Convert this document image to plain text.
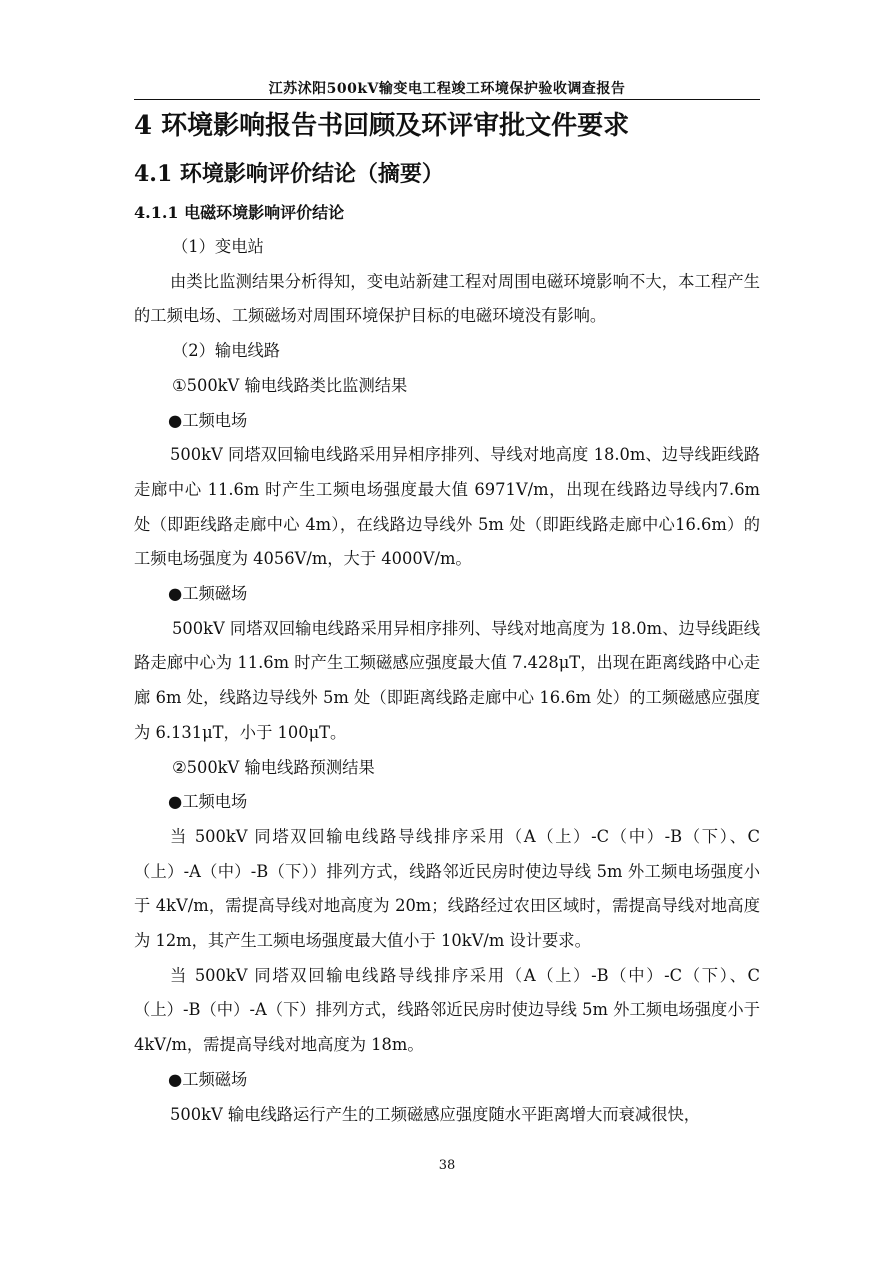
江苏沭阳500kV输变电工程竣工环境保护验收调查报告
4 环境影响报告书回顾及环评审批文件要求
4.1 环境影响评价结论（摘要）
4.1.1 电磁环境影响评价结论

（1）变电站

由类比监测结果分析得知，变电站新建工程对周围电磁环境影响不大，本工程产生的工频电场、工频磁场对周围环境保护目标的电磁环境没有影响。

（2）输电线路

①500kV 输电线路类比监测结果

●工频电场

500kV 同塔双回输电线路采用异相序排列、导线对地高度 18.0m、边导线距线路走廊中心 11.6m 时产生工频电场强度最大值 6971V/m，出现在线路边导线内7.6m 处（即距线路走廊中心 4m），在线路边导线外 5m 处（即距线路走廊中心16.6m）的工频电场强度为 4056V/m，大于 4000V/m。

●工频磁场

500kV 同塔双回输电线路采用异相序排列、导线对地高度为 18.0m、边导线距线路走廊中心为 11.6m 时产生工频磁感应强度最大值 7.428μT，出现在距离线路中心走廊 6m 处，线路边导线外 5m 处（即距离线路走廊中心 16.6m 处）的工频磁感应强度为 6.131μT，小于 100μT。

②500kV 输电线路预测结果

●工频电场

当 500kV 同塔双回输电线路导线排序采用（A（上）-C（中）-B（下）、C（上）-A（中）-B（下））排列方式，线路邻近民房时使边导线 5m 外工频电场强度小于 4kV/m，需提高导线对地高度为 20m；线路经过农田区域时，需提高导线对地高度为 12m，其产生工频电场强度最大值小于 10kV/m 设计要求。

当 500kV 同塔双回输电线路导线排序采用（A（上）-B（中）-C（下）、C（上）-B（中）-A（下）排列方式，线路邻近民房时使边导线 5m 外工频电场强度小于 4kV/m，需提高导线对地高度为 18m。

●工频磁场

500kV 输电线路运行产生的工频磁感应强度随水平距离增大而衰减很快，

38
